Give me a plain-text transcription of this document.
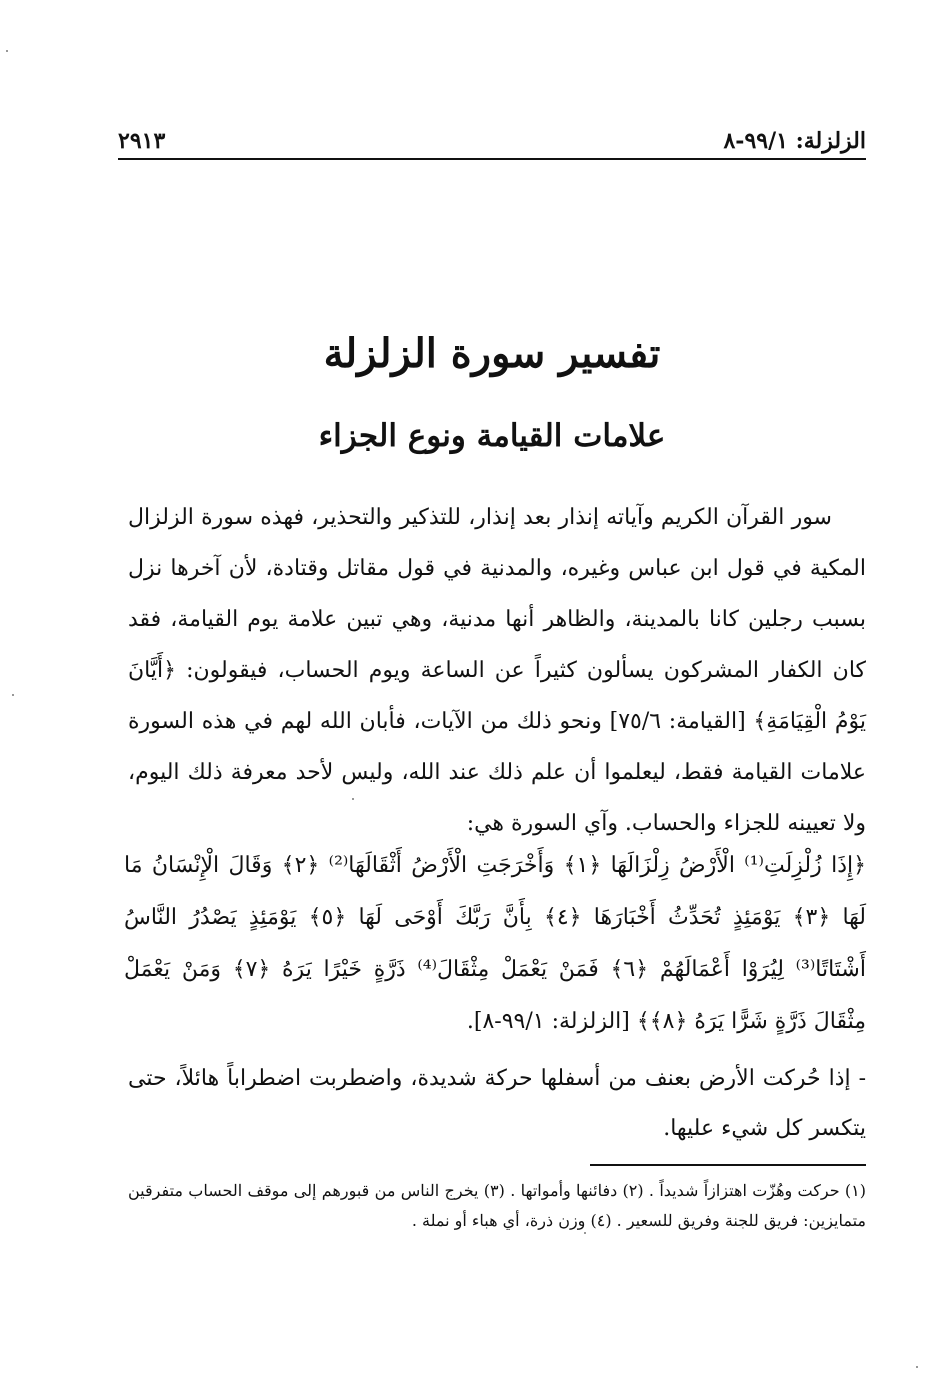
الزلزلة: ٩٩/١-٨
٢٩١٣
تفسير سورة الزلزلة
علامات القيامة ونوع الجزاء

سور القرآن الكريم وآياته إنذار بعد إنذار، للتذكير والتحذير، فهذه سورة الزلزال المكية في قول ابن عباس وغيره، والمدنية في قول مقاتل وقتادة، لأن آخرها نزل بسبب رجلين كانا بالمدينة، والظاهر أنها مدنية، وهي تبين علامة يوم القيامة، فقد كان الكفار المشركون يسألون كثيراً عن الساعة ويوم الحساب، فيقولون: ﴿أَيَّانَ يَوْمُ الْقِيَامَةِ﴾ [القيامة: ٧٥/٦] ونحو ذلك من الآيات، فأبان الله لهم في هذه السورة علامات القيامة فقط، ليعلموا أن علم ذلك عند الله، وليس لأحد معرفة ذلك اليوم، ولا تعيينه للجزاء والحساب. وآي السورة هي:

﴿إِذَا زُلْزِلَتِ⁽¹⁾ الْأَرْضُ زِلْزَالَهَا ﴿١﴾ وَأَخْرَجَتِ الْأَرْضُ أَثْقَالَهَا⁽²⁾ ﴿٢﴾ وَقَالَ الْإِنْسَانُ مَا لَهَا ﴿٣﴾ يَوْمَئِذٍ تُحَدِّثُ أَخْبَارَهَا ﴿٤﴾ بِأَنَّ رَبَّكَ أَوْحَى لَهَا ﴿٥﴾ يَوْمَئِذٍ يَصْدُرُ النَّاسُ أَشْتَاتًا⁽³⁾ لِيُرَوْا أَعْمَالَهُمْ ﴿٦﴾ فَمَنْ يَعْمَلْ مِثْقَالَ⁽⁴⁾ ذَرَّةٍ خَيْرًا يَرَهُ ﴿٧﴾ وَمَنْ يَعْمَلْ مِثْقَالَ ذَرَّةٍ شَرًّا يَرَهُ ﴿٨﴾﴾ [الزلزلة: ٩٩/١-٨].
- إذا حُركت الأرض بعنف من أسفلها حركة شديدة، واضطربت اضطراباً هائلاً، حتى يتكسر كل شيء عليها.
(١) حركت وهُزّت اهتزازاً شديداً . (٢) دفائنها وأمواتها . (٣) يخرج الناس من قبورهم إلى موقف الحساب متفرقين متمايزين: فريق للجنة وفريق للسعير . (٤) وزن ذرة، أي هباء أو نملة .
